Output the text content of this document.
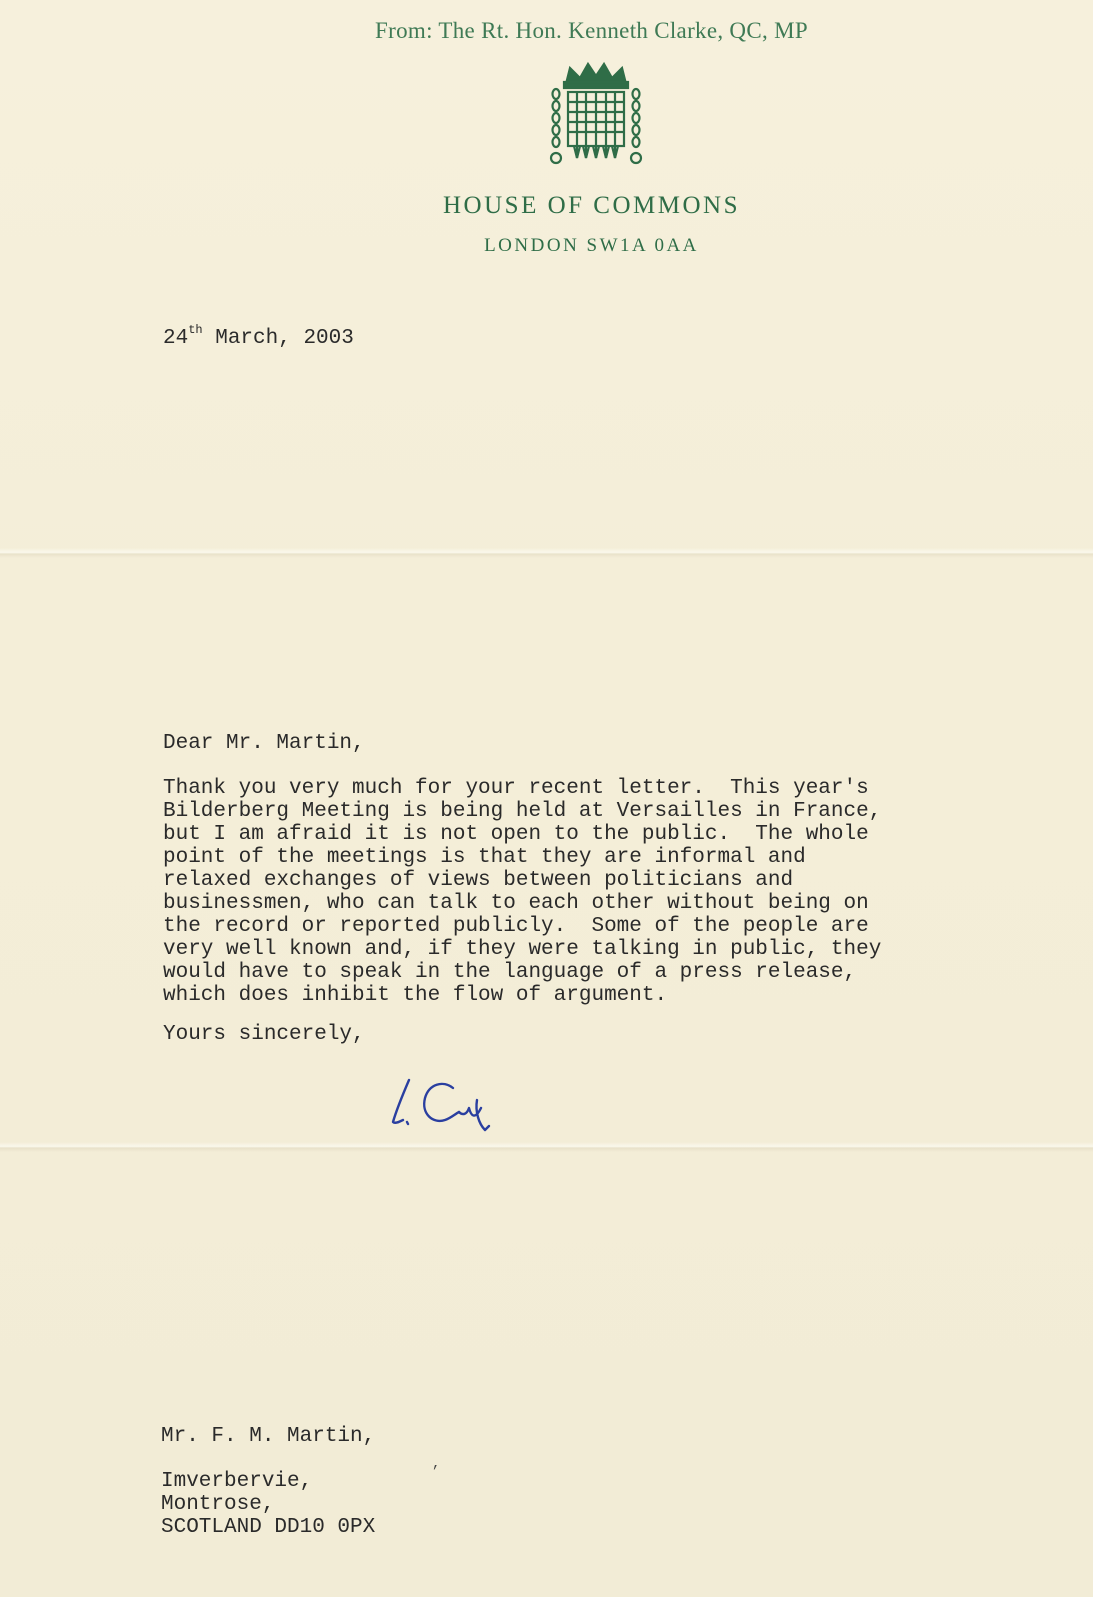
From: The Rt. Hon. Kenneth Clarke, QC, MP
HOUSE OF COMMONS
LONDON SW1A 0AA
24th March, 2003
Dear Mr. Martin,
Thank you very much for your recent letter.  This year's
Bilderberg Meeting is being held at Versailles in France,
but I am afraid it is not open to the public.  The whole
point of the meetings is that they are informal and
relaxed exchanges of views between politicians and
businessmen, who can talk to each other without being on
the record or reported publicly.  Some of the people are
very well known and, if they were talking in public, they
would have to speak in the language of a press release,
which does inhibit the flow of argument.
Yours sincerely,
Mr. F. M. Martin,
,
Imverbervie,
Montrose,
SCOTLAND DD10 0PX
